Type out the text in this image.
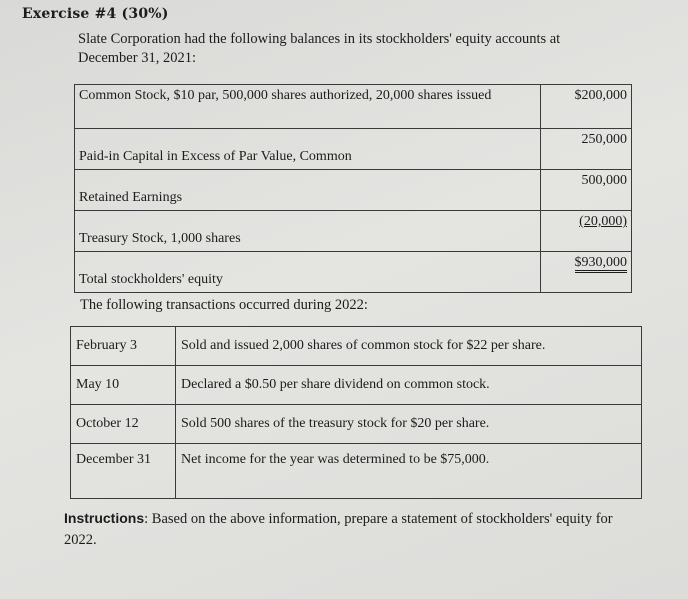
Exercise #4 (30%)
Slate Corporation had the following balances in its stockholders' equity accounts at December 31, 2021:
Common Stock, $10 par, 500,000 shares authorized, 20,000 shares issued	$200,000
Paid-in Capital in Excess of Par Value, Common	250,000
Retained Earnings	500,000
Treasury Stock, 1,000 shares	(20,000)
Total stockholders' equity	$930,000
The following transactions occurred during 2022:
February 3	Sold and issued 2,000 shares of common stock for $22 per share.
May 10	Declared a $0.50 per share dividend on common stock.
October 12	Sold 500 shares of the treasury stock for $20 per share.
December 31	Net income for the year was determined to be $75,000.
Instructions: Based on the above information, prepare a statement of stockholders' equity for 2022.
